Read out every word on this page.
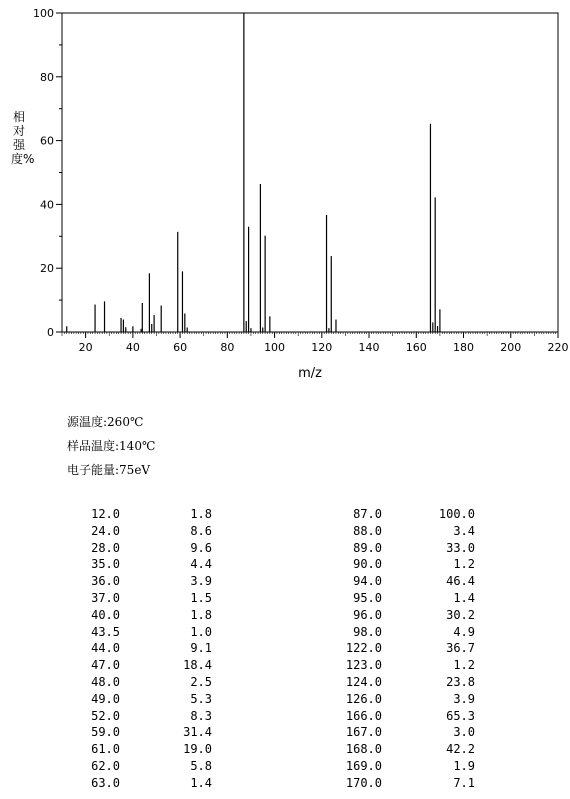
20	40	60	80	100 120 140 160 180 200 220
0
20
40
60
80
100
m/z
相对强度%
源温度:260℃
样品温度:140℃
电子能量:75eV
12.0	1.8	87.0	100.0
24.0	8.6	88.0	3.4
28.0	9.6	89.0	33.0
35.0	4.4	90.0	1.2
36.0	3.9	94.0	46.4
37.0	1.5	95.0	1.4
40.0	1.8	96.0	30.2
43.5	1.0	98.0	4.9
44.0	9.1	122.0	36.7
47.0	18.4	123.0	1.2
48.0	2.5	124.0	23.8
49.0	5.3	126.0	3.9
52.0	8.3	166.0	65.3
59.0	31.4	167.0	3.0
61.0	19.0	168.0	42.2
62.0	5.8	169.0	1.9
63.0	1.4	170.0	7.1
